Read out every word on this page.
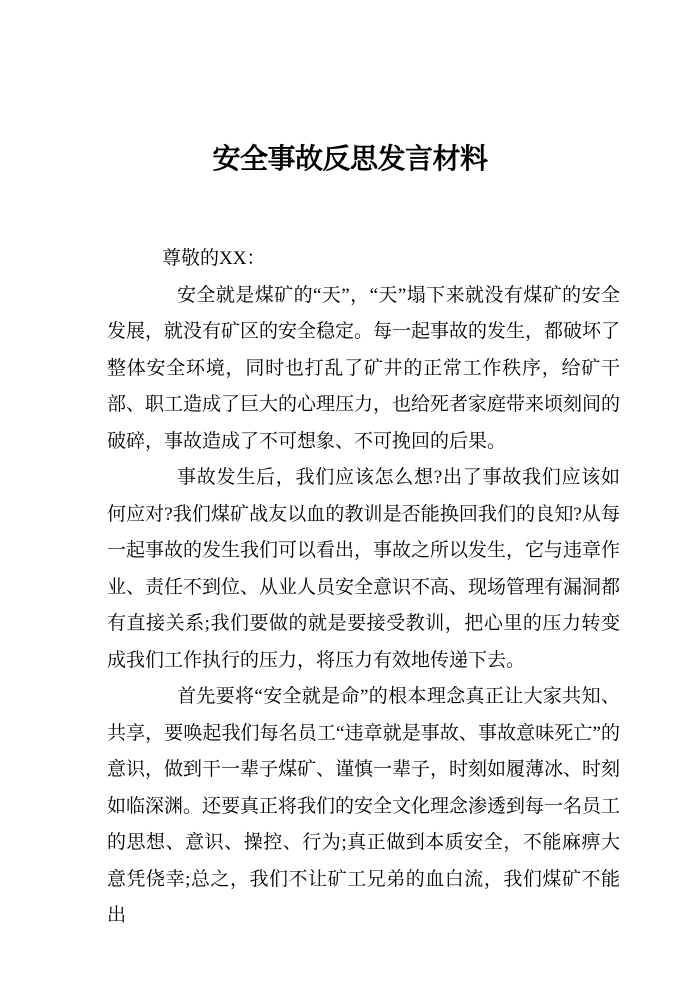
安全事故反思发言材料

尊敬的XX：

安全就是煤矿的“天”，“天”塌下来就没有煤矿的安全发展，就没有矿区的安全稳定。每一起事故的发生，都破坏了整体安全环境，同时也打乱了矿井的正常工作秩序，给矿干部、职工造成了巨大的心理压力，也给死者家庭带来顷刻间的破碎，事故造成了不可想象、不可挽回的后果。

事故发生后，我们应该怎么想?出了事故我们应该如何应对?我们煤矿战友以血的教训是否能换回我们的良知?从每一起事故的发生我们可以看出，事故之所以发生，它与违章作业、责任不到位、从业人员安全意识不高、现场管理有漏洞都有直接关系;我们要做的就是要接受教训，把心里的压力转变成我们工作执行的压力，将压力有效地传递下去。

首先要将“安全就是命”的根本理念真正让大家共知、共享，要唤起我们每名员工“违章就是事故、事故意味死亡”的意识，做到干一辈子煤矿、谨慎一辈子，时刻如履薄冰、时刻如临深渊。还要真正将我们的安全文化理念渗透到每一名员工的思想、意识、操控、行为;真正做到本质安全，不能麻痹大意凭侥幸;总之，我们不让矿工兄弟的血白流，我们煤矿不能出
